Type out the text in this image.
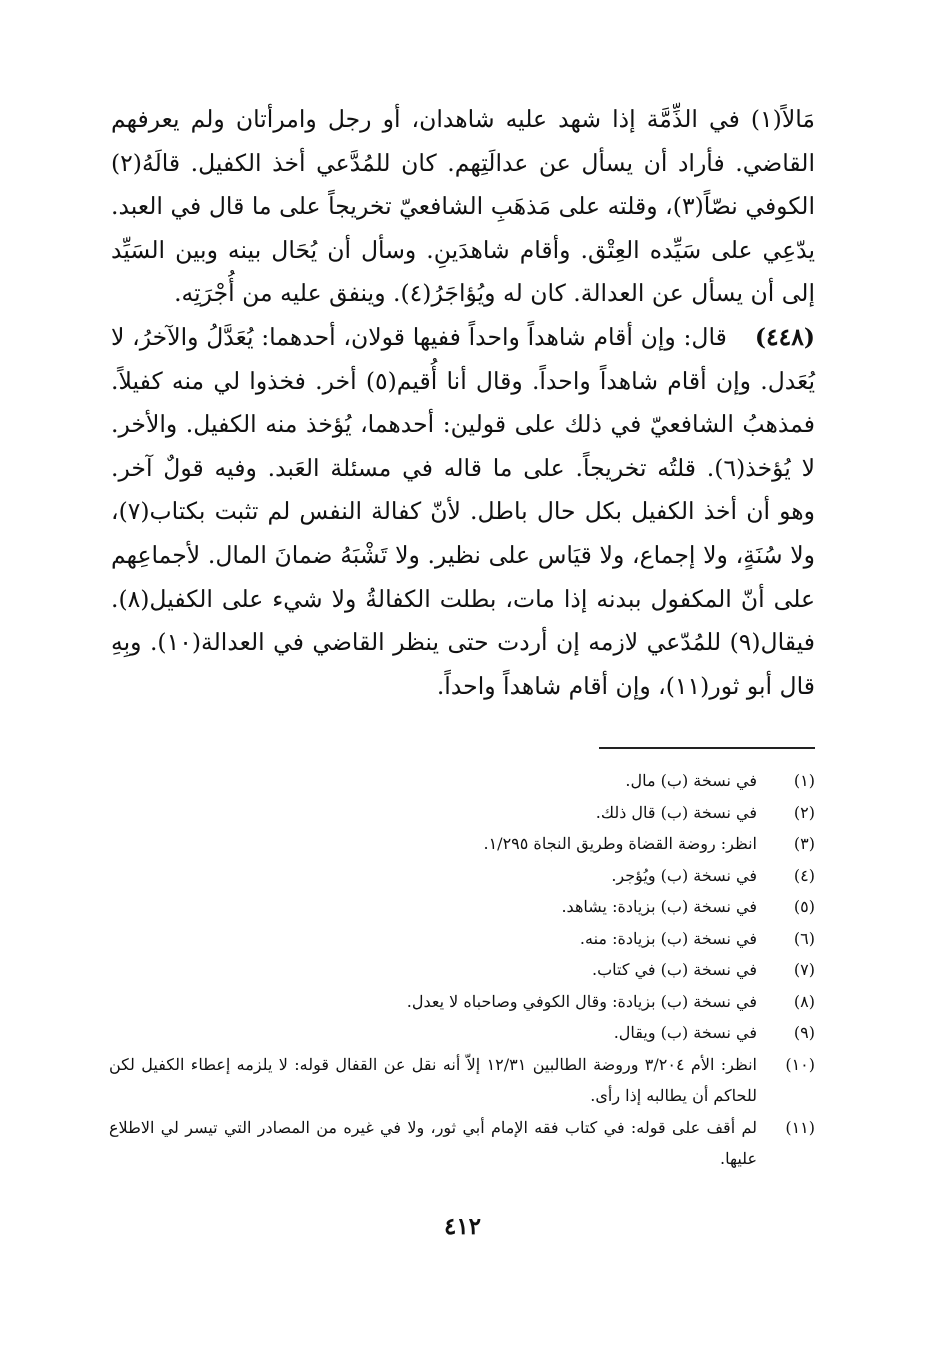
مَالاً(١) في الذِّمَّة إذا شهد عليه شاهدان، أو رجل وامرأتان ولم يعرفهم القاضي. فأراد أن يسأل عن عدالَتِهم. كان للمُدَّعي أخذ الكفيل. قالَهُ(٢) الكوفي نصّاً(٣)، وقلته على مَذهَبِ الشافعيّ تخريجاً على ما قال في العبد. يدّعِي على سَيِّده العِتْق. وأقام شاهدَينِ. وسأل أن يُحَال بينه وبين السَيِّد إلى أن يسأل عن العدالة. كان له ويُؤاجَرُ(٤). وينفق عليه من أُجْرَتِه.

(٤٤٨)قال: وإن أقام شاهداً واحداً ففيها قولان، أحدهما: يُعَدَّلُ والآخرُ، لا يُعَدل. وإن أقام شاهداً واحداً. وقال أنا أُقيم(٥) أخر. فخذوا لي منه كفيلاً. فمذهبُ الشافعيّ في ذلك على قولين: أحدهما، يُؤخذ منه الكفيل. والأخر. لا يُؤخذ(٦). قلتُه تخريجاً. على ما قاله في مسئلة العَبد. وفيه قولٌ آخر. وهو أن أخذ الكفيل بكل حال باطل. لأنّ كفالة النفس لم تثبت بكتاب(٧)، ولا سُنَةٍ، ولا إجماع، ولا قيَاس على نظير. ولا تَشْبَهُ ضمانَ المال. لأجماعِهم على أنّ المكفول ببدنه إذا مات، بطلت الكفالةُ ولا شيء على الكفيل(٨). فيقال(٩) للمُدّعي لازمه إن أردت حتى ينظر القاضي في العدالة(١٠). وبِهِ قال أبو ثور(١١)، وإن أقام شاهداً واحداً.

(١)
في نسخة (ب) مال.
(٢)
في نسخة (ب) قال ذلك.
(٣)
انظر: روضة القضاة وطريق النجاة ١/٢٩٥.
(٤)
في نسخة (ب) ويُؤجر.
(٥)
في نسخة (ب) بزيادة: يشاهد.
(٦)
في نسخة (ب) بزيادة: منه.
(٧)
في نسخة (ب) في كتاب.
(٨)
في نسخة (ب) بزيادة: وقال الكوفي وصاحباه لا يعدل.
(٩)
في نسخة (ب) ويقال.
(١٠)
انظر: الأم ٣/٢٠٤ وروضة الطالبين ١٢/٣١ إلاّ أنه نقل عن القفال قوله: لا يلزمه إعطاء الكفيل لكن للحاكم أن يطالبه إذا رأى.
(١١)
لم أقف على قوله: في كتاب فقه الإمام أبي ثور، ولا في غيره من المصادر التي تيسر لي الاطلاع عليها.
٤١٢
